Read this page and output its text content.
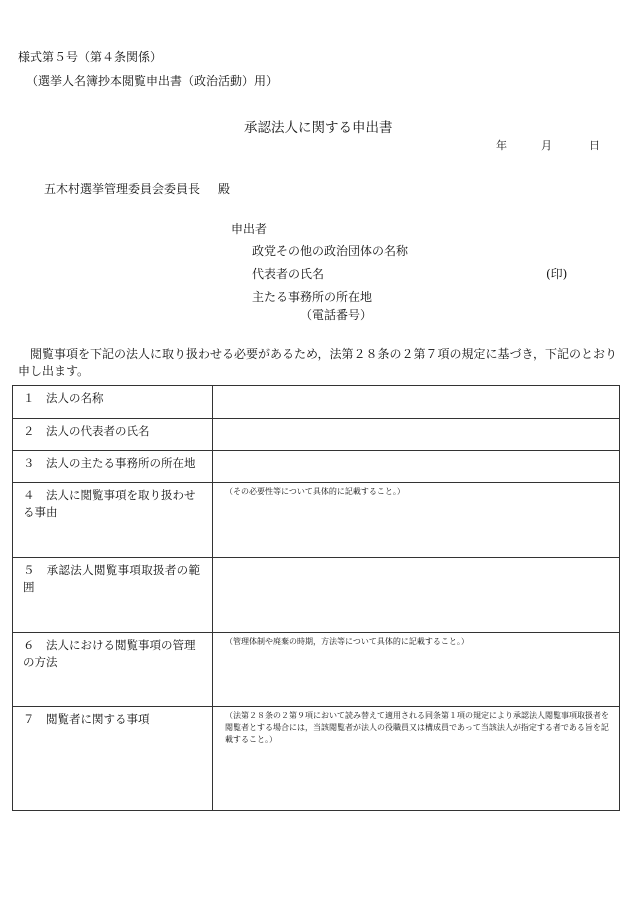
様式第５号（第４条関係）
（選挙人名簿抄本閲覧申出書（政治活動）用）
承認法人に関する申出書
年	月	日
五木村選挙管理委員会委員長 殿
申出者
政党その他の政治団体の名称
代表者の氏名	(印)
主たる事務所の所在地
（電話番号）
閲覧事項を下記の法人に取り扱わせる必要があるため，法第２８条の２第７項の規定に基づき，下記のとおり申し出ます。
１　法人の名称	
２　法人の代表者の氏名	
３　法人の主たる事務所の所在地	
４　法人に閲覧事項を取り扱わせる事由	（その必要性等について具体的に記載すること。）
５　承認法人閲覧事項取扱者の範囲	
６　法人における閲覧事項の管理の方法	（管理体制や廃棄の時期，方法等について具体的に記載すること。）
７　閲覧者に関する事項	（法第２８条の２第９項において読み替えて適用される同条第１項の規定により承認法人閲覧事項取扱者を閲覧者とする場合には，当該閲覧者が法人の役職員又は構成員であって当該法人が指定する者である旨を記載すること。）
